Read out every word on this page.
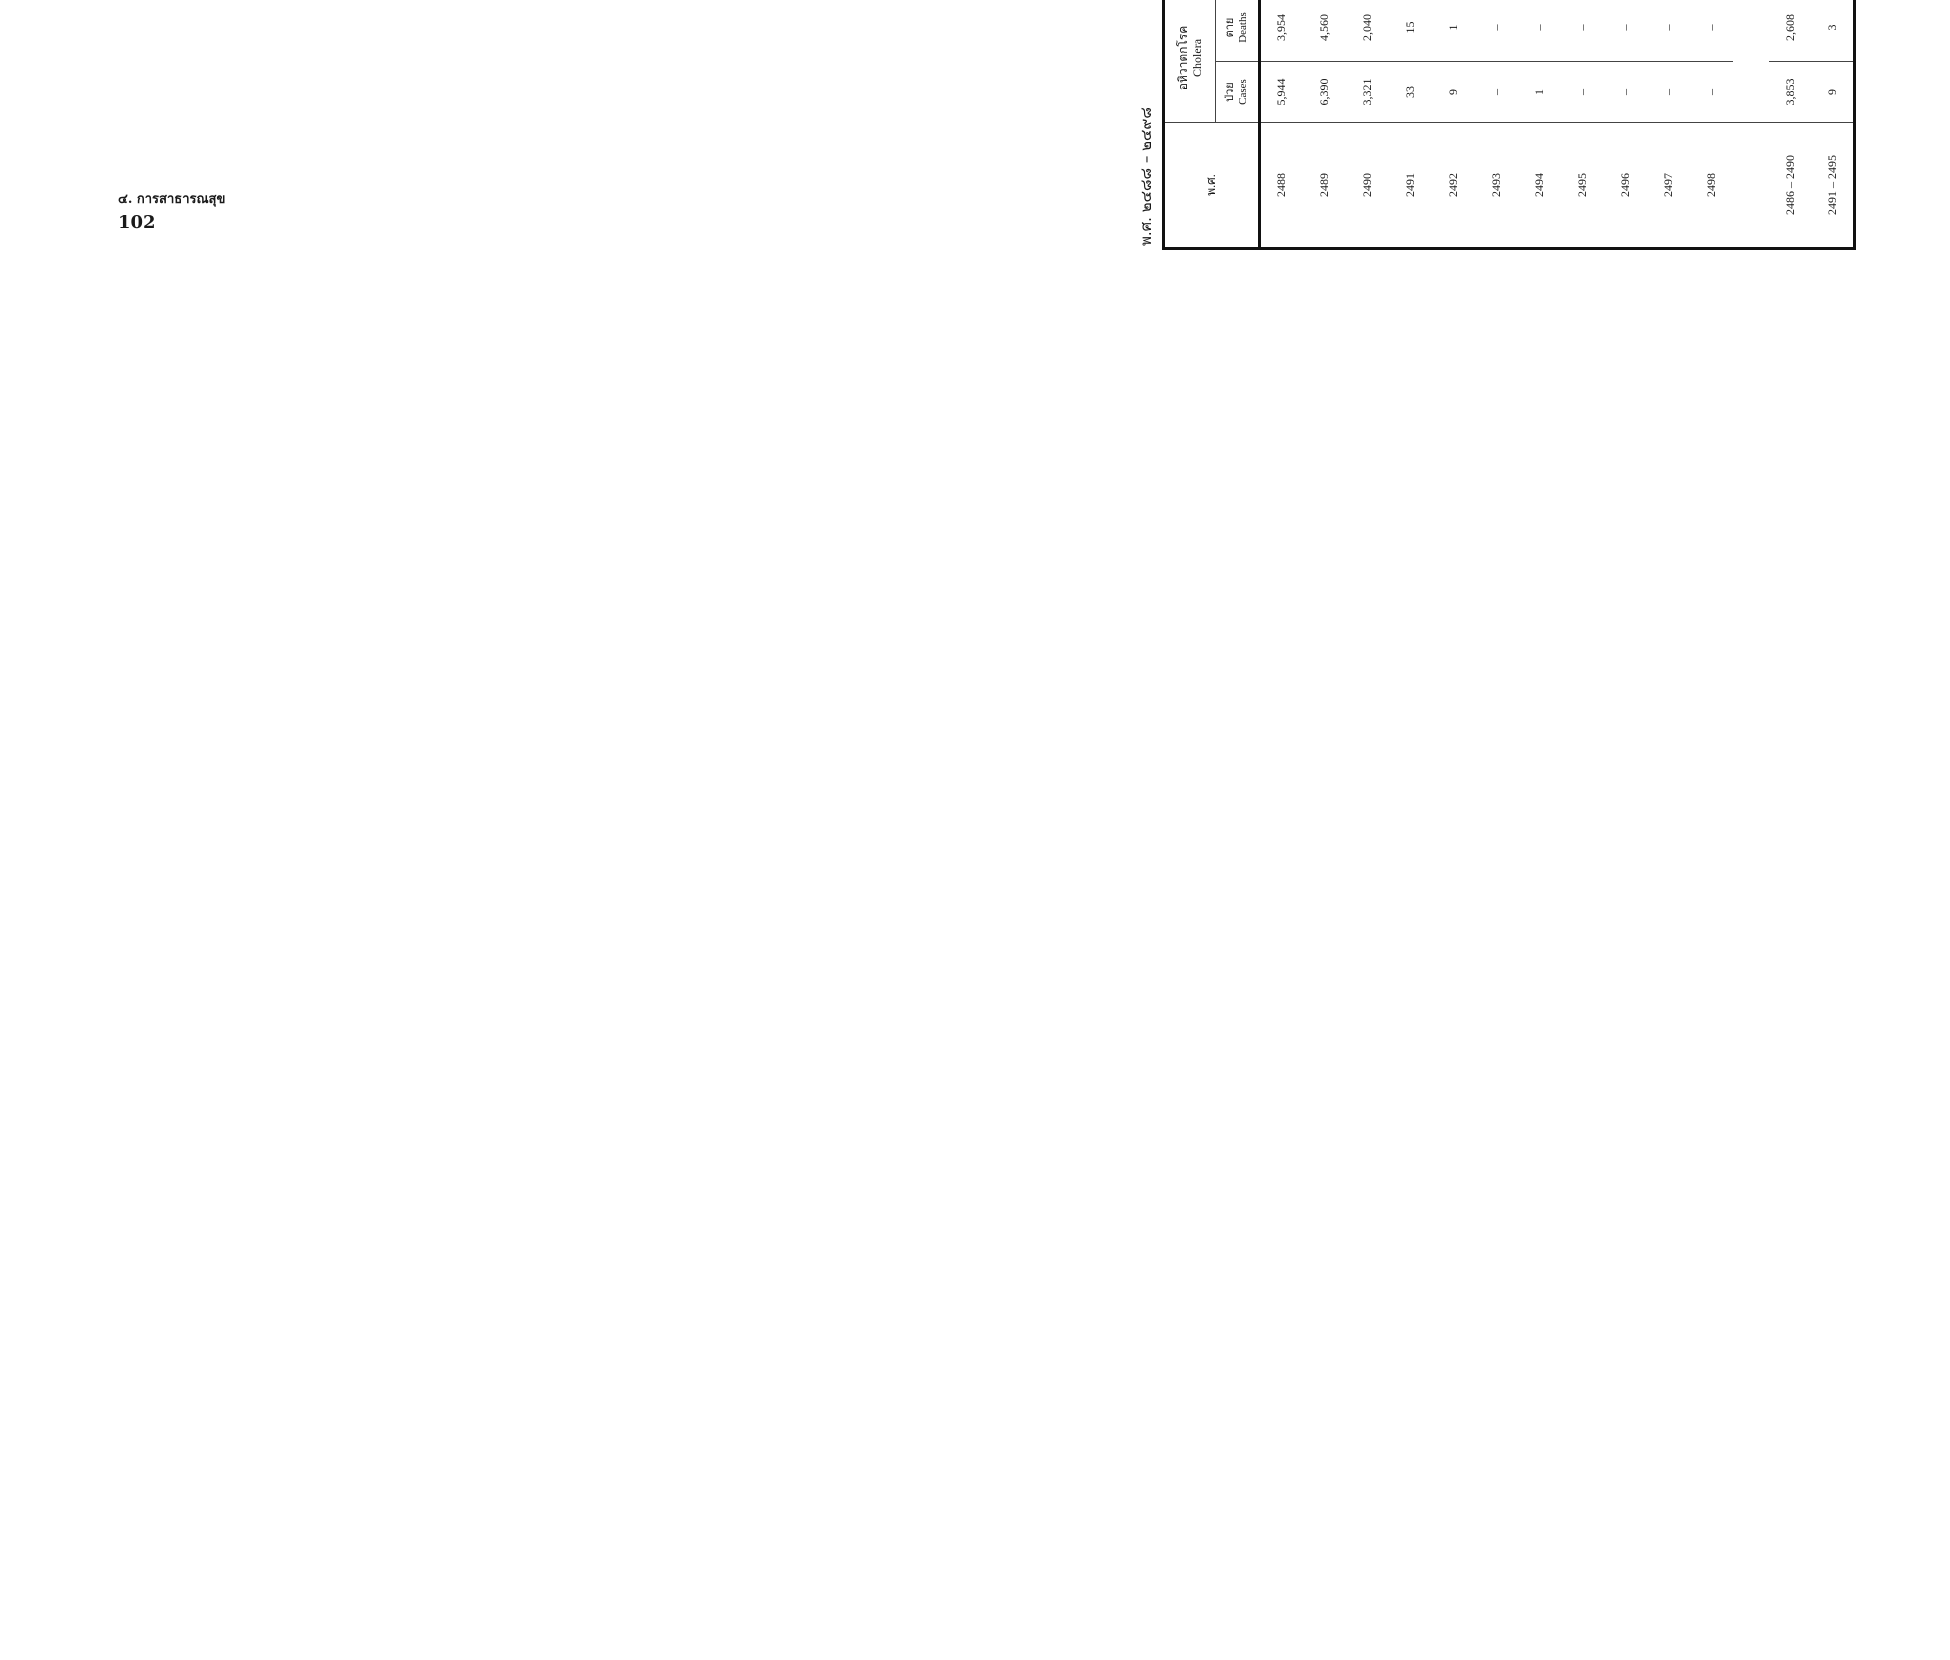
๔. การสาธารณสุข
102	พ.ศ. ๒๔๘๘ – ๒๔๙๘	พ.ศ.	อหิวาตกโรค
Cholera	

	ป่วย
Cases	ตาย
Deaths	

2488	5,944	3,954													
2489	6,390	4,560													
2490	3,321	2,040													
2491	33	15													
2492	9	1													
2493	–	–													
2494	1	–													
2495	–	–													
2496	–	–													
2497	–	–													
2498	–	–													

2486 – 2490	3,853	2,608													
2491 – 2495	9	3													
